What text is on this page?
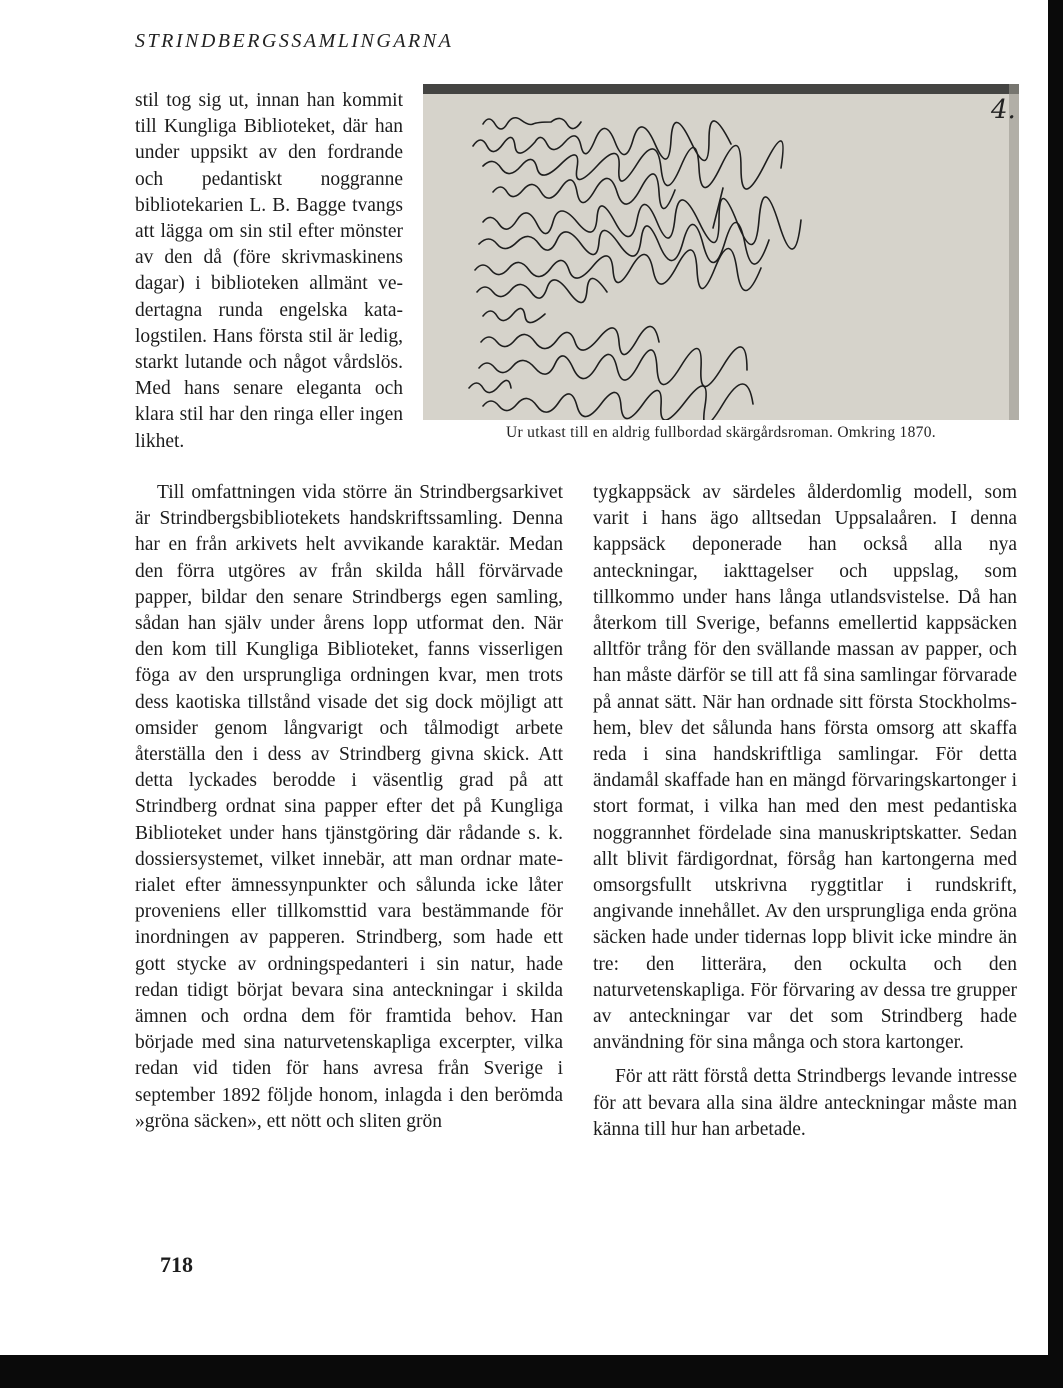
STRINDBERGSSAMLINGARNA

stil tog sig ut, innan han kommit till Kungliga Biblioteket, där han under uppsikt av den fordrande och pedantiskt noggranne bibliotekarien L. B. Bagge tvangs att lägga om sin stil efter mönster av den då (före skrivmaskinens dagar) i biblioteken allmänt vedertagna runda engelska katalogstilen. Hans första stil är ledig, starkt lutande och något vårdslös. Med hans senare eleganta och klara stil har den ringa eller ingen likhet.

4.
Ur utkast till en aldrig fullbordad skärgårdsroman. Omkring 1870.

Till omfattningen vida större än Strindbergsarkivet är Strindbergsbibliotekets handskriftssamling. Denna har en från arkivets helt avvikande karaktär. Medan den förra utgöres av från skilda håll förvärvade papper, bildar den senare Strindbergs egen samling, sådan han själv under årens lopp utformat den. När den kom till Kungliga Biblioteket, fanns visserligen föga av den ursprungliga ordningen kvar, men trots dess kaotiska tillstånd visade det sig dock möjligt att omsider genom långvarigt och tålmodigt arbete återställa den i dess av Strindberg givna skick. Att detta lyckades berodde i väsentlig grad på att Strindberg ordnat sina papper efter det på Kungliga Biblioteket under hans tjänstgöring där rådande s. k. dossiersystemet, vilket innebär, att man ordnar materialet efter ämnessynpunkter och sålunda icke låter proveniens eller tillkomsttid vara bestämmande för inordningen av papperen. Strindberg, som hade ett gott stycke av ordningspedanteri i sin natur, hade redan tidigt börjat bevara sina anteckningar i skilda ämnen och ordna dem för framtida behov. Han började med sina naturvetenskapliga excerpter, vilka redan vid tiden för hans avresa från Sverige i september 1892 följde honom, inlagda i den berömda »gröna säcken», ett nött och sliten grön

tygkappsäck av särdeles ålderdomlig modell, som varit i hans ägo alltsedan Uppsalaåren. I denna kappsäck deponerade han också alla nya anteckningar, iakttagelser och uppslag, som tillkommo under hans långa utlandsvistelse. Då han återkom till Sverige, befanns emellertid kappsäcken alltför trång för den svällande massan av papper, och han måste därför se till att få sina samlingar förvarade på annat sätt. När han ordnade sitt första Stockholmshem, blev det sålunda hans första omsorg att skaffa reda i sina handskriftliga samlingar. För detta ändamål skaffade han en mängd förvaringskartonger i stort format, i vilka han med den mest pedantiska noggrannhet fördelade sina manuskriptskatter. Sedan allt blivit färdigordnat, försåg han kartongerna med omsorgsfullt utskrivna ryggtitlar i rundskrift, angivande innehållet. Av den ursprungliga enda gröna säcken hade under tidernas lopp blivit icke mindre än tre: den litterära, den ockulta och den naturvetenskapliga. För förvaring av dessa tre grupper av anteckningar var det som Strindberg hade användning för sina många och stora kartonger.

För att rätt förstå detta Strindbergs levande intresse för att bevara alla sina äldre anteckningar måste man känna till hur han arbetade.

718
